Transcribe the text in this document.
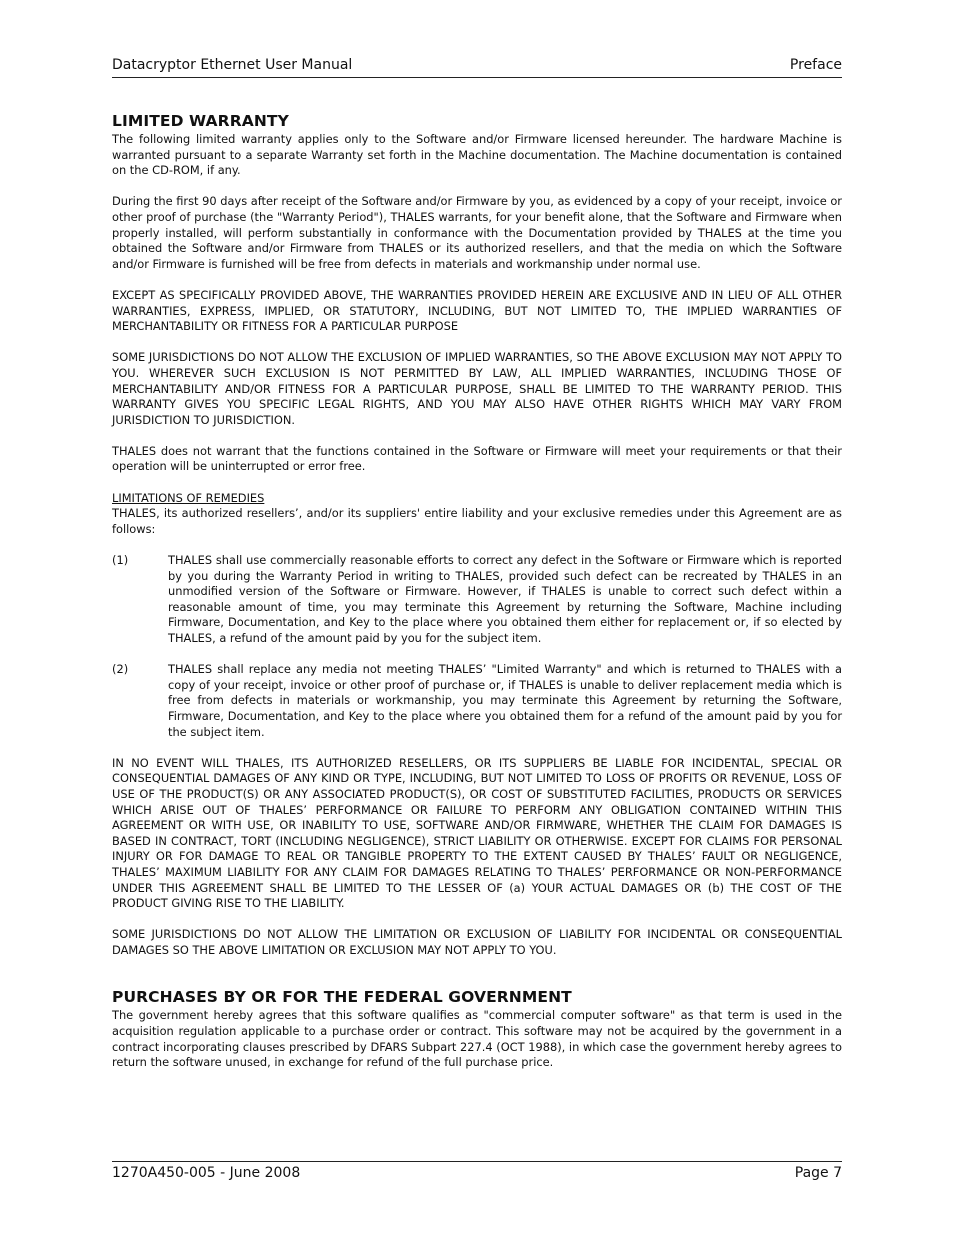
Datacryptor Ethernet User Manual	Preface
LIMITED WARRANTY

The following limited warranty applies only to the Software and/or Firmware licensed hereunder. The hardware Machine is warranted pursuant to a separate Warranty set forth in the Machine documentation. The Machine documentation is contained on the CD-ROM, if any.

During the first 90 days after receipt of the Software and/or Firmware by you, as evidenced by a copy of your receipt, invoice or other proof of purchase (the "Warranty Period"), THALES warrants, for your benefit alone, that the Software and Firmware when properly installed, will perform substantially in conformance with the Documentation provided by THALES at the time you obtained the Software and/or Firmware from THALES or its authorized resellers, and that the media on which the Software and/or Firmware is furnished will be free from defects in materials and workmanship under normal use.

EXCEPT AS SPECIFICALLY PROVIDED ABOVE, THE WARRANTIES PROVIDED HEREIN ARE EXCLUSIVE AND IN LIEU OF ALL OTHER WARRANTIES, EXPRESS, IMPLIED, OR STATUTORY, INCLUDING, BUT NOT LIMITED TO, THE IMPLIED WARRANTIES OF MERCHANTABILITY OR FITNESS FOR A PARTICULAR PURPOSE

SOME JURISDICTIONS DO NOT ALLOW THE EXCLUSION OF IMPLIED WARRANTIES, SO THE ABOVE EXCLUSION MAY NOT APPLY TO YOU. WHEREVER SUCH EXCLUSION IS NOT PERMITTED BY LAW, ALL IMPLIED WARRANTIES, INCLUDING THOSE OF MERCHANTABILITY AND/OR FITNESS FOR A PARTICULAR PURPOSE, SHALL BE LIMITED TO THE WARRANTY PERIOD. THIS WARRANTY GIVES YOU SPECIFIC LEGAL RIGHTS, AND YOU MAY ALSO HAVE OTHER RIGHTS WHICH MAY VARY FROM JURISDICTION TO JURISDICTION.

THALES does not warrant that the functions contained in the Software or Firmware will meet your requirements or that their operation will be uninterrupted or error free.

LIMITATIONS OF REMEDIES

THALES, its authorized resellers’, and/or its suppliers' entire liability and your exclusive remedies under this Agreement are as follows:

(1)	THALES shall use commercially reasonable efforts to correct any defect in the Software or Firmware which is reported by you during the Warranty Period in writing to THALES, provided such defect can be recreated by THALES in an unmodified version of the Software or Firmware. However, if THALES is unable to correct such defect within a reasonable amount of time, you may terminate this Agreement by returning the Software, Machine including Firmware, Documentation, and Key to the place where you obtained them either for replacement or, if so elected by THALES, a refund of the amount paid by you for the subject item.
(2)	THALES shall replace any media not meeting THALES’ "Limited Warranty" and which is returned to THALES with a copy of your receipt, invoice or other proof of purchase or, if THALES is unable to deliver replacement media which is free from defects in materials or workmanship, you may terminate this Agreement by returning the Software, Firmware, Documentation, and Key to the place where you obtained them for a refund of the amount paid by you for the subject item.

IN NO EVENT WILL THALES, ITS AUTHORIZED RESELLERS, OR ITS SUPPLIERS BE LIABLE FOR INCIDENTAL, SPECIAL OR CONSEQUENTIAL DAMAGES OF ANY KIND OR TYPE, INCLUDING, BUT NOT LIMITED TO LOSS OF PROFITS OR REVENUE, LOSS OF USE OF THE PRODUCT(S) OR ANY ASSOCIATED PRODUCT(S), OR COST OF SUBSTITUTED FACILITIES, PRODUCTS OR SERVICES WHICH ARISE OUT OF THALES’ PERFORMANCE OR FAILURE TO PERFORM ANY OBLIGATION CONTAINED WITHIN THIS AGREEMENT OR WITH USE, OR INABILITY TO USE, SOFTWARE AND/OR FIRMWARE, WHETHER THE CLAIM FOR DAMAGES IS BASED IN CONTRACT, TORT (INCLUDING NEGLIGENCE), STRICT LIABILITY OR OTHERWISE. EXCEPT FOR CLAIMS FOR PERSONAL INJURY OR FOR DAMAGE TO REAL OR TANGIBLE PROPERTY TO THE EXTENT CAUSED BY THALES’ FAULT OR NEGLIGENCE, THALES’ MAXIMUM LIABILITY FOR ANY CLAIM FOR DAMAGES RELATING TO THALES’ PERFORMANCE OR NON-PERFORMANCE UNDER THIS AGREEMENT SHALL BE LIMITED TO THE LESSER OF (a) YOUR ACTUAL DAMAGES OR (b) THE COST OF THE PRODUCT GIVING RISE TO THE LIABILITY.

SOME JURISDICTIONS DO NOT ALLOW THE LIMITATION OR EXCLUSION OF LIABILITY FOR INCIDENTAL OR CONSEQUENTIAL DAMAGES SO THE ABOVE LIMITATION OR EXCLUSION MAY NOT APPLY TO YOU.

PURCHASES BY OR FOR THE FEDERAL GOVERNMENT

The government hereby agrees that this software qualifies as "commercial computer software" as that term is used in the acquisition regulation applicable to a purchase order or contract. This software may not be acquired by the government in a contract incorporating clauses prescribed by DFARS Subpart 227.4 (OCT 1988), in which case the government hereby agrees to return the software unused, in exchange for refund of the full purchase price.

1270A450-005 - June 2008	Page 7
